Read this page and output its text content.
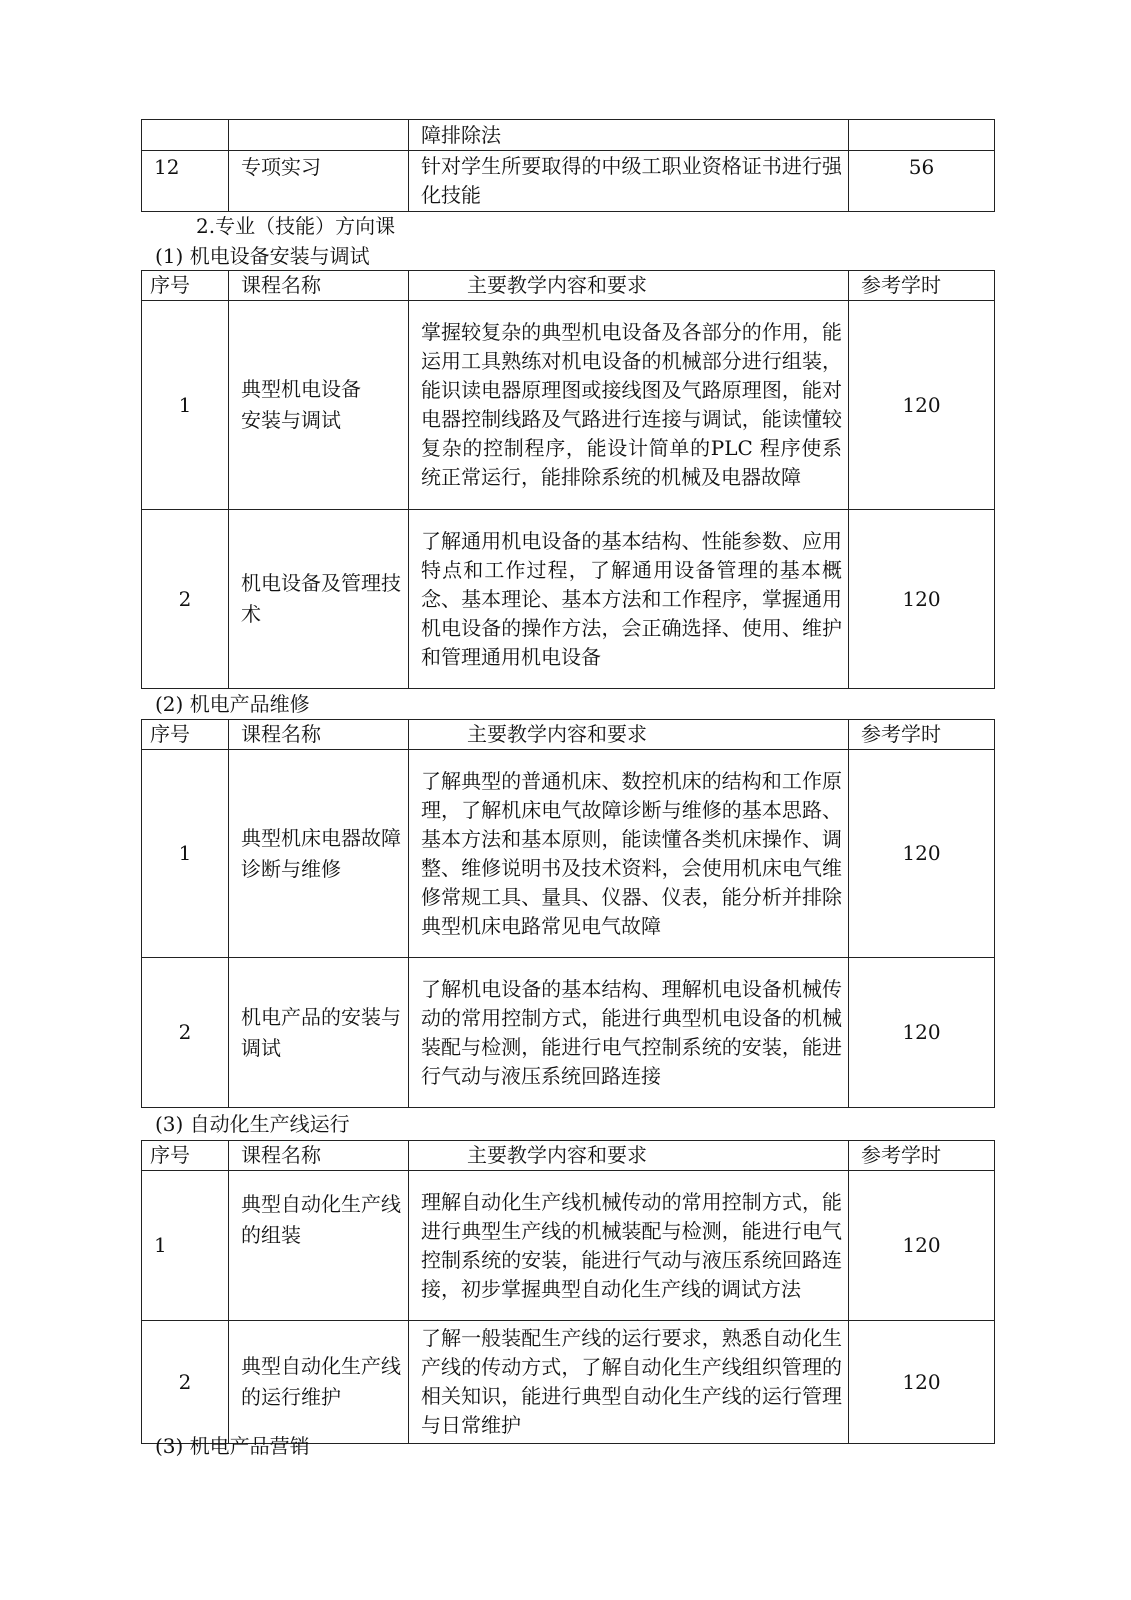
		障排除法	
12	专项实习	针对学生所要取得的中级工职业资格证书进行强化技能	56
2.专业（技能）方向课
(1) 机电设备安装与调试
序号	课程名称	主要教学内容和要求	参考学时
1	典型机电设备安装与调试	掌握较复杂的典型机电设备及各部分的作用，能运用工具熟练对机电设备的机械部分进行组装，能识读电器原理图或接线图及气路原理图，能对电器控制线路及气路进行连接与调试，能读懂较复杂的控制程序，能设计简单的PLC 程序使系统正常运行，能排除系统的机械及电器故障	120
2	机电设备及管理技术	了解通用机电设备的基本结构、性能参数、应用特点和工作过程，了解通用设备管理的基本概念、基本理论、基本方法和工作程序，掌握通用机电设备的操作方法，会正确选择、使用、维护和管理通用机电设备	120
(2) 机电产品维修
序号	课程名称	主要教学内容和要求	参考学时
1	典型机床电器故障诊断与维修	了解典型的普通机床、数控机床的结构和工作原理，了解机床电气故障诊断与维修的基本思路、基本方法和基本原则，能读懂各类机床操作、调整、维修说明书及技术资料，会使用机床电气维修常规工具、量具、仪器、仪表，能分析并排除典型机床电路常见电气故障	120
2	机电产品的安装与调试	了解机电设备的基本结构、理解机电设备机械传动的常用控制方式，能进行典型机电设备的机械装配与检测，能进行电气控制系统的安装，能进行气动与液压系统回路连接	120
(3) 自动化生产线运行
序号	课程名称	主要教学内容和要求	参考学时
1	典型自动化生产线的组装	理解自动化生产线机械传动的常用控制方式，能进行典型生产线的机械装配与检测，能进行电气控制系统的安装，能进行气动与液压系统回路连接，初步掌握典型自动化生产线的调试方法	120
2	典型自动化生产线的运行维护	了解一般装配生产线的运行要求，熟悉自动化生产线的传动方式，了解自动化生产线组织管理的相关知识，能进行典型自动化生产线的运行管理与日常维护	120
(3) 机电产品营销
